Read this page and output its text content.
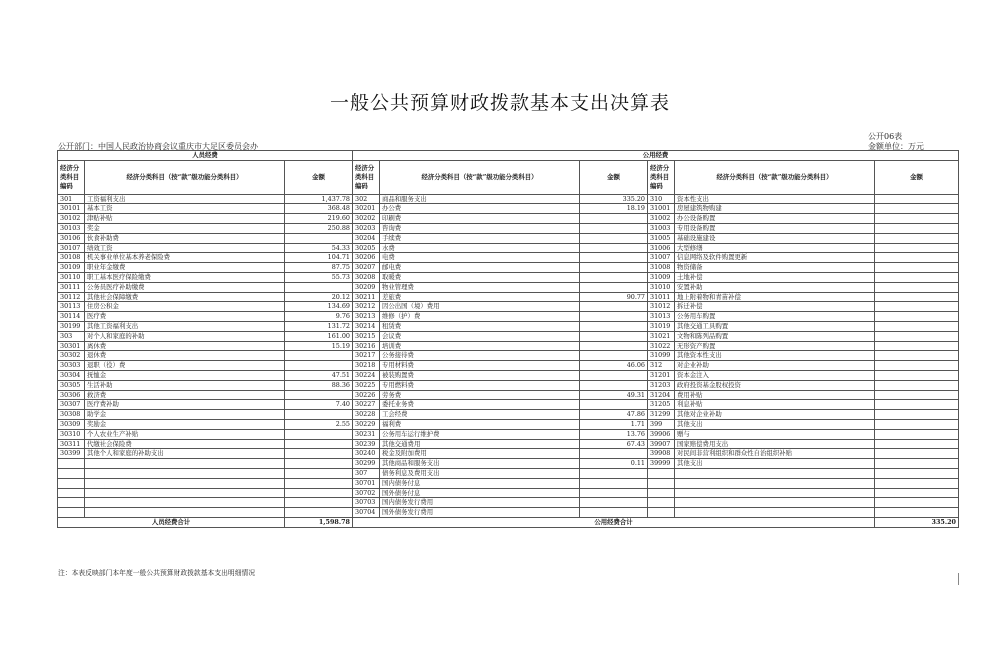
一般公共预算财政拨款基本支出决算表
公开部门：中国人民政治协商会议重庆市大足区委员会办
公开06表
金额单位：万元
人员经费			公用经费					
经济分类科目编码	经济分类科目（按“款”级功能分类科目）	金额	经济分类科目编码	经济分类科目（按“款”级功能分类科目）	金额	经济分类科目编码	经济分类科目（按“款”级功能分类科目）	金额
301	工资福利支出	1,437.78	302	商品和服务支出	335.20	310	资本性支出	
30101	基本工资	368.48	30201	办公费	18.19	31001	房屋建筑物购建	
30102	津贴补贴	219.60	30202	印刷费		31002	办公设备购置	
30103	奖金	250.88	30203	咨询费		31003	专用设备购置	
30106	伙食补助费		30204	手续费		31005	基础设施建设	
30107	绩效工资	54.33	30205	水费		31006	大型修缮	
30108	机关事业单位基本养老保险费	104.71	30206	电费		31007	信息网络及软件购置更新	
30109	职业年金缴费	87.75	30207	邮电费		31008	物资储备	
30110	职工基本医疗保险缴费	55.73	30208	取暖费		31009	土地补偿	
30111	公务员医疗补助缴费		30209	物业管理费		31010	安置补助	
30112	其他社会保障缴费	20.12	30211	差旅费	90.77	31011	地上附着物和青苗补偿	
30113	住房公积金	134.69	30212	因公出国（境）费用		31012	拆迁补偿	
30114	医疗费	9.76	30213	维修（护）费		31013	公务用车购置	
30199	其他工资福利支出	131.72	30214	租赁费		31019	其他交通工具购置	
303	对个人和家庭的补助	161.00	30215	会议费		31021	文物和陈列品购置	
30301	离休费	15.19	30216	培训费		31022	无形资产购置	
30302	退休费		30217	公务接待费		31099	其他资本性支出	
30303	退职（役）费		30218	专用材料费	46.06	312	对企业补助	
30304	抚恤金	47.51	30224	被装购置费		31201	资本金注入	
30305	生活补助	88.36	30225	专用燃料费		31203	政府投资基金股权投资	
30306	救济费		30226	劳务费	49.31	31204	费用补贴	
30307	医疗费补助	7.40	30227	委托业务费		31205	利息补贴	
30308	助学金		30228	工会经费	47.86	31299	其他对企业补助	
30309	奖励金	2.55	30229	福利费	1.71	399	其他支出	
30310	个人农业生产补贴		30231	公务用车运行维护费	13.76	39906	赠与	
30311	代缴社会保险费		30239	其他交通费用	67.43	39907	国家赔偿费用支出	
30399	其他个人和家庭的补助支出		30240	税金及附加费用		39908	对民间非营利组织和群众性自治组织补贴	
			30299	其他商品和服务支出	0.11	39999	其他支出	
			307	债务利息及费用支出				
			30701	国内债务付息				
			30702	国外债务付息				
			30703	国内债务发行费用				
			30704	国外债务发行费用				
人员经费合计		1,598.78	公用经费合计					335.20
注：本表反映部门本年度一般公共预算财政拨款基本支出明细情况
